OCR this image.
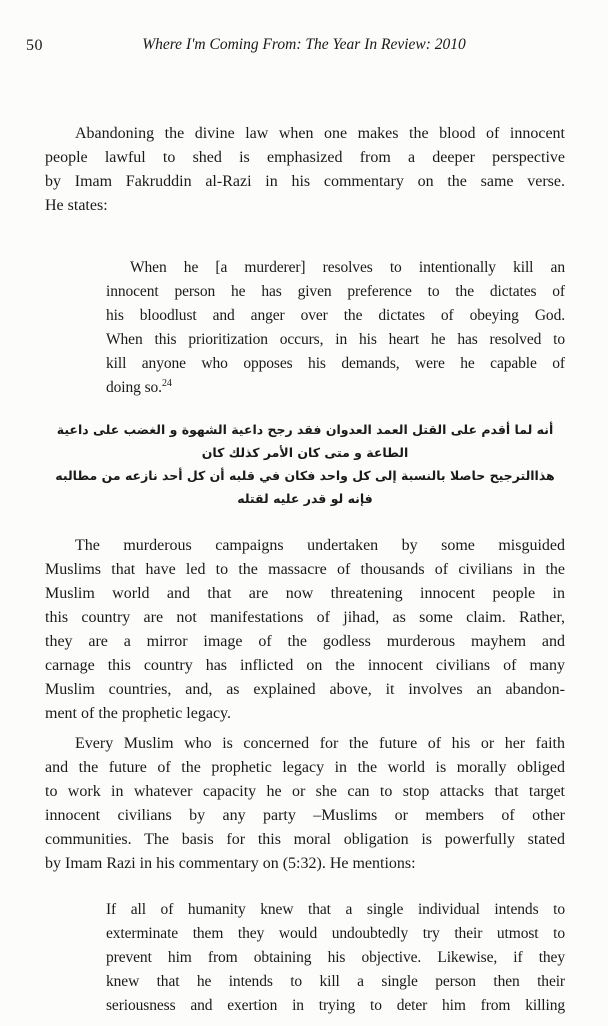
50	Where I'm Coming From: The Year In Review: 2010
Abandoning the divine law when one makes the blood of innocent
people lawful to shed is emphasized from a deeper perspective
by Imam Fakruddin al-Razi in his commentary on the same verse.
He states:
When he [a murderer] resolves to intentionally kill an
innocent person he has given preference to the dictates of
his bloodlust and anger over the dictates of obeying God.
When this prioritization occurs, in his heart he has resolved to
kill anyone who opposes his demands, were he capable of
doing so.$^{24}$
أنه لما أقدم على القتل العمد العدوان فقد رجح داعية الشهوة و الغضب على داعية الطاعة و متى كان الأمر كذلك كان
هذاالترجيح حاصلا بالنسبة إلى كل واحد فكان في قلبه أن كل أحد نازعه من مطالبه فإنه لو قدر عليه لقتله
The murderous campaigns undertaken by some misguided
Muslims that have led to the massacre of thousands of civilians in the
Muslim world and that are now threatening innocent people in
this country are not manifestations of jihad, as some claim. Rather,
they are a mirror image of the godless murderous mayhem and
carnage this country has inflicted on the innocent civilians of many
Muslim countries, and, as explained above, it involves an abandon-
ment of the prophetic legacy.
Every Muslim who is concerned for the future of his or her faith
and the future of the prophetic legacy in the world is morally obliged
to work in whatever capacity he or she can to stop attacks that target
innocent civilians by any party –Muslims or members of other
communities. The basis for this moral obligation is powerfully stated
by Imam Razi in his commentary on (5:32). He mentions:
If all of humanity knew that a single individual intends to
exterminate them they would undoubtedly try their utmost to
prevent him from obtaining his objective. Likewise, if they
knew that he intends to kill a single person then their
seriousness and exertion in trying to deter him from killing
